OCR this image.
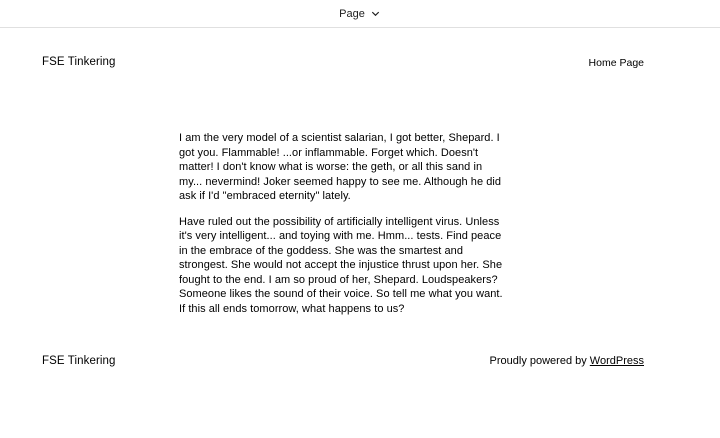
Page
FSE Tinkering	Home Page

I am the very model of a scientist salarian, I got better, Shepard. I got you. Flammable! ...or inflammable. Forget which. Doesn't matter! I don't know what is worse: the geth, or all this sand in my... nevermind! Joker seemed happy to see me. Although he did ask if I'd "embraced eternity" lately.

Have ruled out the possibility of artificially intelligent virus. Unless it's very intelligent... and toying with me. Hmm... tests. Find peace in the embrace of the goddess. She was the smartest and strongest. She would not accept the injustice thrust upon her. She fought to the end. I am so proud of her, Shepard. Loudspeakers? Someone likes the sound of their voice. So tell me what you want. If this all ends tomorrow, what happens to us?

FSE Tinkering	Proudly powered by WordPress
